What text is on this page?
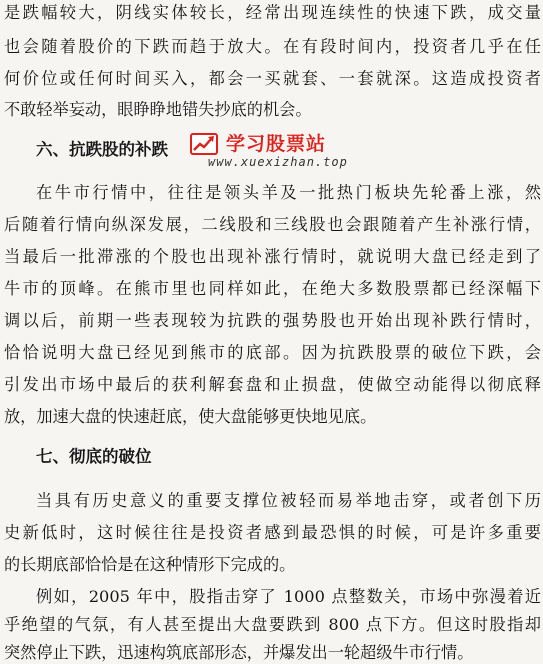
是跌幅较大，阴线实体较长，经常出现连续性的快速下跌，成交量
也会随着股价的下跌而趋于放大。在有段时间内，投资者几乎在任
何价位或任何时间买入，都会一买就套、一套就深。这造成投资者
不敢轻举妄动，眼睁睁地错失抄底的机会。
六、抗跌股的补跌	学习股票站
www.xuexizhan.top
在牛市行情中，往往是领头羊及一批热门板块先轮番上涨，然
后随着行情向纵深发展，二线股和三线股也会跟随着产生补涨行情，
当最后一批滞涨的个股也出现补涨行情时，就说明大盘已经走到了
牛市的顶峰。在熊市里也同样如此，在绝大多数股票都已经深幅下
调以后，前期一些表现较为抗跌的强势股也开始出现补跌行情时，
恰恰说明大盘已经见到熊市的底部。因为抗跌股票的破位下跌，会
引发出市场中最后的获利解套盘和止损盘，使做空动能得以彻底释
放，加速大盘的快速赶底，使大盘能够更快地见底。
七、彻底的破位
当具有历史意义的重要支撑位被轻而易举地击穿，或者创下历
史新低时，这时候往往是投资者感到最恐惧的时候，可是许多重要
的长期底部恰恰是在这种情形下完成的。
例如，2005 年中，股指击穿了 1000 点整数关，市场中弥漫着近
乎绝望的气氛，有人甚至提出大盘要跌到 800 点下方。但这时股指却
突然停止下跌，迅速构筑底部形态，并爆发出一轮超级牛市行情。
